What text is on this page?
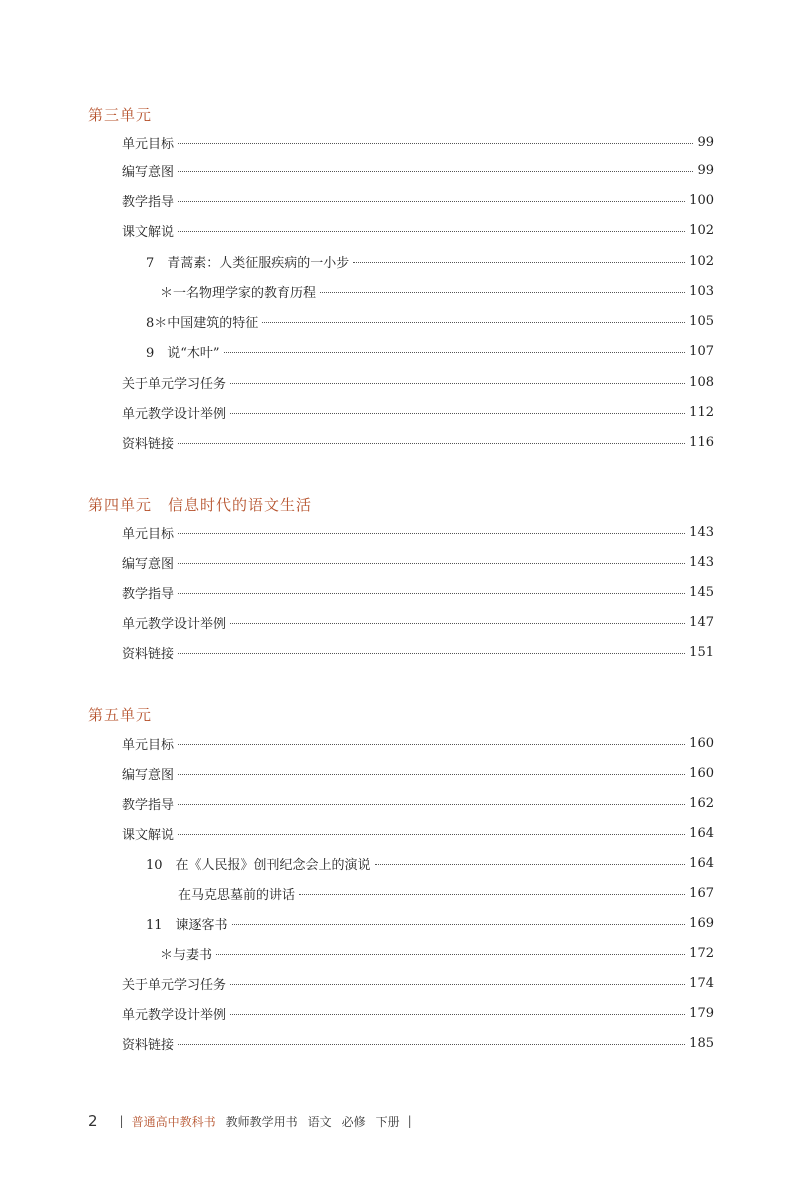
第三单元
单元目标	99
编写意图	99
教学指导	100
课文解说	102
7　青蒿素：人类征服疾病的一小步	102
＊一名物理学家的教育历程	103
8＊中国建筑的特征	105
9　说“木叶”	107
关于单元学习任务	108
单元教学设计举例	112
资料链接	116
第四单元 信息时代的语文生活
单元目标	143
编写意图	143
教学指导	145
单元教学设计举例	147
资料链接	151
第五单元
单元目标	160
编写意图	160
教学指导	162
课文解说	164
10　在《人民报》创刊纪念会上的演说	164
在马克思墓前的讲话	167
11　谏逐客书	169
＊与妻书	172
关于单元学习任务	174
单元教学设计举例	179
资料链接	185
2 | 普通高中教科书 教师教学用书 语文 必修 下册 |
